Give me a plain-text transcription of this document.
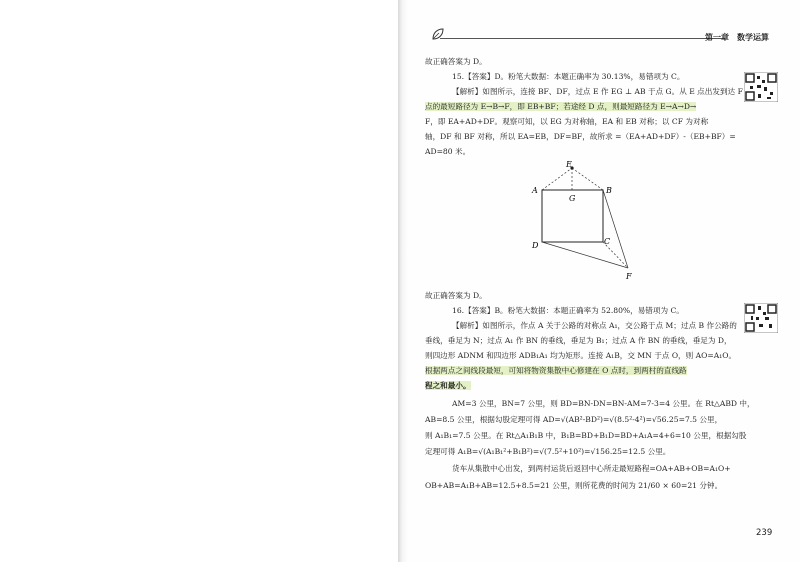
第一章　数学运算
故正确答案为 D。
15.【答案】D。粉笔大数据：本题正确率为 30.13%，易错项为 C。
【解析】如图所示，连接 BF、DF，过点 E 作 EG ⊥ AB 于点 G。从 E 点出发到达 F
点的最短路径为 E→B→F，即 EB+BF；若途经 D 点，则最短路径为 E→A→D→
F，即 EA+AD+DF。观察可知，以 EG 为对称轴，EA 和 EB 对称；以 CF 为对称
轴，DF 和 BF 对称，所以 EA=EB，DF=BF，故所求 =（EA+AD+DF）-（EB+BF）=
AD=80 米。
E
A	B
G
D	C
F
故正确答案为 D。
16.【答案】B。粉笔大数据：本题正确率为 52.80%，易错项为 C。
【解析】如图所示，作点 A 关于公路的对称点 A₁，交公路于点 M；过点 B 作公路的
垂线，垂足为 N；过点 A₁ 作 BN 的垂线，垂足为 B₁；过点 A 作 BN 的垂线，垂足为 D，
则四边形 ADNM 和四边形 ADB₁A₁ 均为矩形。连接 A₁B，交 MN 于点 O，则 AO=A₁O。
根据两点之间线段最短，可知将物资集散中心修建在 O 点时，到两村的直线路
程之和最小。
AM=3 公里，BN=7 公里，则 BD=BN-DN=BN-AM=7-3=4 公里。在 Rt△ABD 中，
AB=8.5 公里，根据勾股定理可得 AD=√(AB²-BD²)=√(8.5²-4²)=√56.25=7.5 公里，
则 A₁B₁=7.5 公里。在 Rt△A₁B₁B 中，B₁B=BD+B₁D=BD+A₁A=4+6=10 公里，根据勾股
定理可得 A₁B=√(A₁B₁²+B₁B²)=√(7.5²+10²)=√156.25=12.5 公里。
货车从集散中心出发，到两村运货后返回中心所走最短路程=OA+AB+OB=A₁O+
OB+AB=A₁B+AB=12.5+8.5=21 公里，则所花费的时间为 21/60 × 60=21 分钟。
239
